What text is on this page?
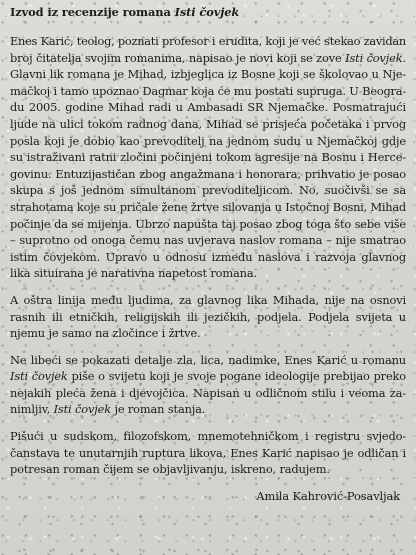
Izvod iz recenzije romana Isti čovjek
Enes Karić, teolog, poznati profesor i erudita, koji je već stekao zavidan
broj čitatelja svojim romanima, napisao je novi koji se zove Isti čovjek.
Glavni lik romana je Mihad, izbjeglica iz Bosne koji se školovao u Nje-
mačkoj i tamo upoznao Dagmar koja će mu postati supruga. U Beogra-
du 2005. godine Mihad radi u Ambasadi SR Njemačke. Posmatrajući
ljude na ulici tokom radnog dana, Mihad se prisjeća početaka i prvog
posla koji je dobio kao prevoditelj na jednom sudu u Njemačkoj gdje
su istraživani ratni zločini počinjeni tokom agresije na Bosnu i Herce-
govinu. Entuzijastičan zbog angažmana i honorara, prihvatio je posao
skupa s još jednom simultanom prevoditeljicom. No, suočivši se sa
strahotama koje su pričale žene žrtve silovanja u Istočnoj Bosni, Mihad
počinje da se mijenja. Ubrzo napušta taj posao zbog toga što sebe više
– suprotno od onoga čemu nas uvjerava naslov romana – nije smatrao
istim čovjekom. Upravo u odnosu između naslova i razvoja glavnog
lika situirana je narativna napetost romana.
A oštra linija među ljudima, za glavnog lika Mihada, nije na osnovi
rasnih ili etničkih, religijskih ili jezičkih, podjela. Podjela svijeta u
njemu je samo na zločince i žrtve.
Ne libeći se pokazati detalje zla, lica, nadimke, Enes Karić u romanu
Isti čovjek piše o svijetu koji je svoje pogane ideologije prebijao preko
nejakih pleća žena i djevojčica. Napisan u odličnom stilu i veoma za-
nimljiv, Isti čovjek je roman stanja.
Pišući u sudskom, filozofskom, mnemotehničkom i registru svjedo-
čanstava te unutarnjih ruptura likova, Enes Karić napisao je odličan i
potresan roman čijem se objavljivanju, iskreno, radujem.
Amila Kahrović-Posavljak
